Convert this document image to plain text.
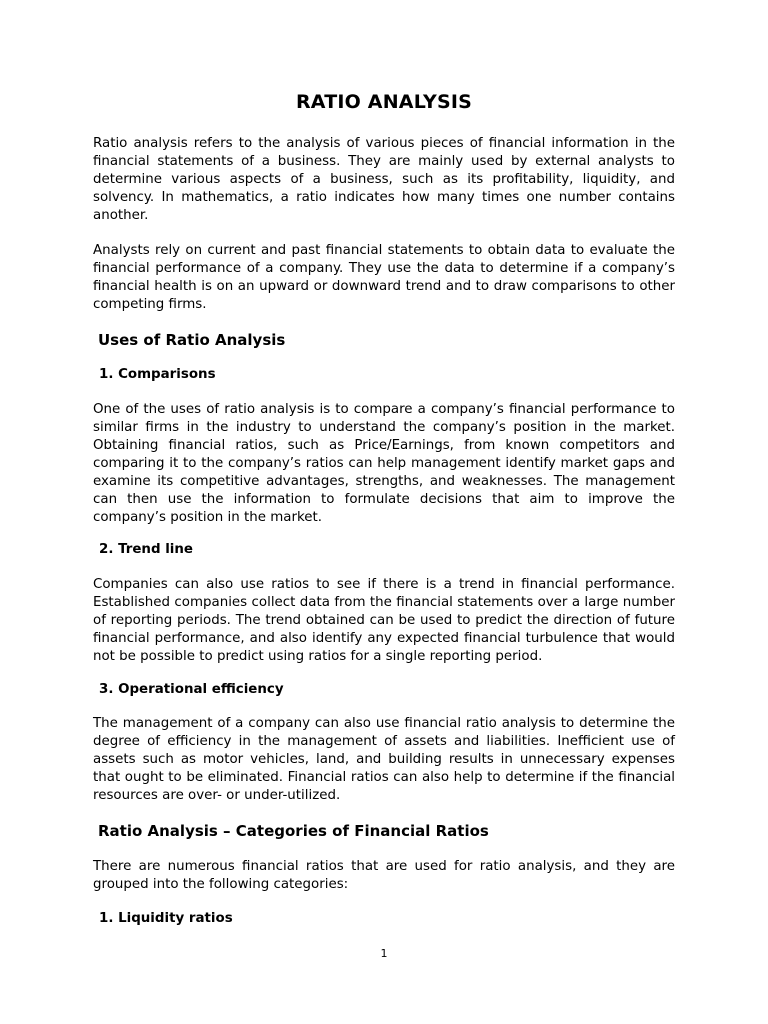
RATIO ANALYSIS

Ratio analysis refers to the analysis of various pieces of financial information in the financial statements of a business. They are mainly used by external analysts to determine various aspects of a business, such as its profitability, liquidity, and solvency. In mathematics, a ratio indicates how many times one number contains another.

Analysts rely on current and past financial statements to obtain data to evaluate the financial performance of a company. They use the data to determine if a company’s financial health is on an upward or downward trend and to draw comparisons to other competing firms.

Uses of Ratio Analysis
1. Comparisons

One of the uses of ratio analysis is to compare a company’s financial performance to similar firms in the industry to understand the company’s position in the market. Obtaining financial ratios, such as Price/Earnings, from known competitors and comparing it to the company’s ratios can help management identify market gaps and examine its competitive advantages, strengths, and weaknesses. The management can then use the information to formulate decisions that aim to improve the company’s position in the market.

2. Trend line

Companies can also use ratios to see if there is a trend in financial performance. Established companies collect data from the financial statements over a large number of reporting periods. The trend obtained can be used to predict the direction of future financial performance, and also identify any expected financial turbulence that would not be possible to predict using ratios for a single reporting period.

3. Operational efficiency

The management of a company can also use financial ratio analysis to determine the degree of efficiency in the management of assets and liabilities. Inefficient use of assets such as motor vehicles, land, and building results in unnecessary expenses that ought to be eliminated. Financial ratios can also help to determine if the financial resources are over- or under-utilized.

Ratio Analysis – Categories of Financial Ratios

There are numerous financial ratios that are used for ratio analysis, and they are grouped into the following categories:

1. Liquidity ratios
1
